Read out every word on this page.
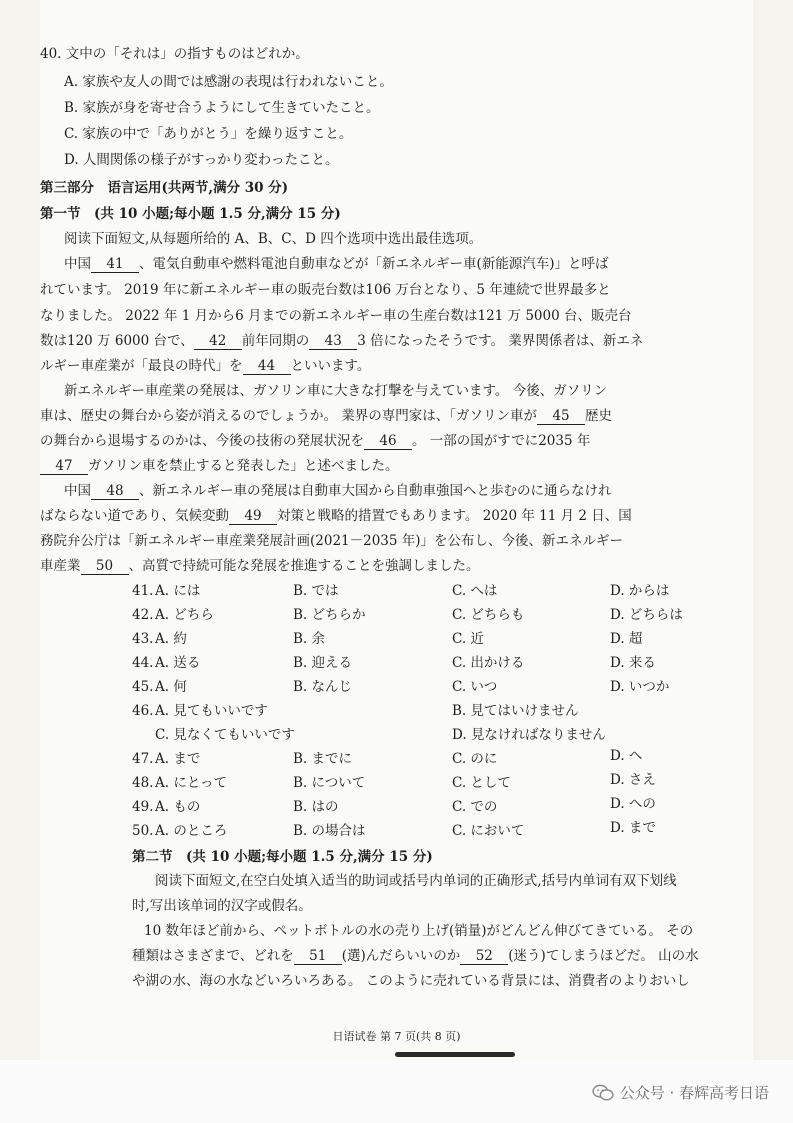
40. 文中の「それは」の指すものはどれか。
A. 家族や友人の間では感謝の表現は行われないこと。
B. 家族が身を寄せ合うようにして生きていたこと。
C. 家族の中で「ありがとう」を繰り返すこと。
D. 人間関係の様子がすっかり変わったこと。
第三部分　语言运用(共两节,满分 30 分)
第一节　(共 10 小题;每小题 1.5 分,满分 15 分)
阅读下面短文,从每题所给的 A、B、C、D 四个选项中选出最佳选项。
中国 41 、電気自動車や燃料電池自動車などが「新エネルギー車(新能源汽车)」と呼ば
れています。 2019 年に新エネルギー車の販売台数は106 万台となり、5 年連続で世界最多と
なりました。 2022 年 1 月から6 月までの新エネルギー車の生産台数は121 万 5000 台、販売台
数は120 万 6000 台で、 42 前年同期の 43 3 倍になったそうです。 業界関係者は、新エネ
ルギー車産業が「最良の時代」を 44 といいます。
新エネルギー車産業の発展は、ガソリン車に大きな打撃を与えています。 今後、ガソリン
車は、歴史の舞台から姿が消えるのでしょうか。 業界の専門家は、「ガソリン車が 45 歴史
の舞台から退場するのかは、今後の技術の発展状況を 46 。 一部の国がすでに2035 年
47 ガソリン車を禁止すると発表した」と述べました。
中国 48 、新エネルギー車の発展は自動車大国から自動車強国へと歩むのに通らなけれ
ばならない道であり、気候変動 49 対策と戦略的措置でもあります。 2020 年 11 月 2 日、国
務院弁公庁は「新エネルギー車産業発展計画(2021－2035 年)」を公布し、今後、新エネルギー
車産業 50 、高質で持続可能な発展を推進することを強調しました。
41. A. には	B. では	C. へは	D. からは
42. A. どちら	B. どちらか	C. どちらも	D. どちらは
43. A. 約	B. 余	C. 近	D. 超
44. A. 送る	B. 迎える	C. 出かける	D. 来る
45. A. 何	B. なんじ	C. いつ	D. いつか
46. A. 見てもいいです	B. 見てはいけません
C. 見なくてもいいです	D. 見なければなりません
47. A. まで	B. までに	C. のに	D. へ
48. A. にとって	B. について	C. として	D. さえ
49. A. もの	B. はの	C. での	D. への
50. A. のところ	B. の場合は	C. において	D. まで
第二节　(共 10 小题;每小题 1.5 分,满分 15 分)
阅读下面短文,在空白处填入适当的助词或括号内单词的正确形式,括号内单词有双下划线
时,写出该单词的汉字或假名。
10 数年ほど前から、ペットボトルの水の売り上げ(销量)がどんどん伸びてきている。 その
種類はさまざまで、どれを 51 (選)んだらいいのか 52 (迷う)てしまうほどだ。 山の水
や湖の水、海の水などいろいろある。 このように売れている背景には、消費者のよりおいし
日语试卷 第 7 页(共 8 页)
公众号 · 春辉高考日语
